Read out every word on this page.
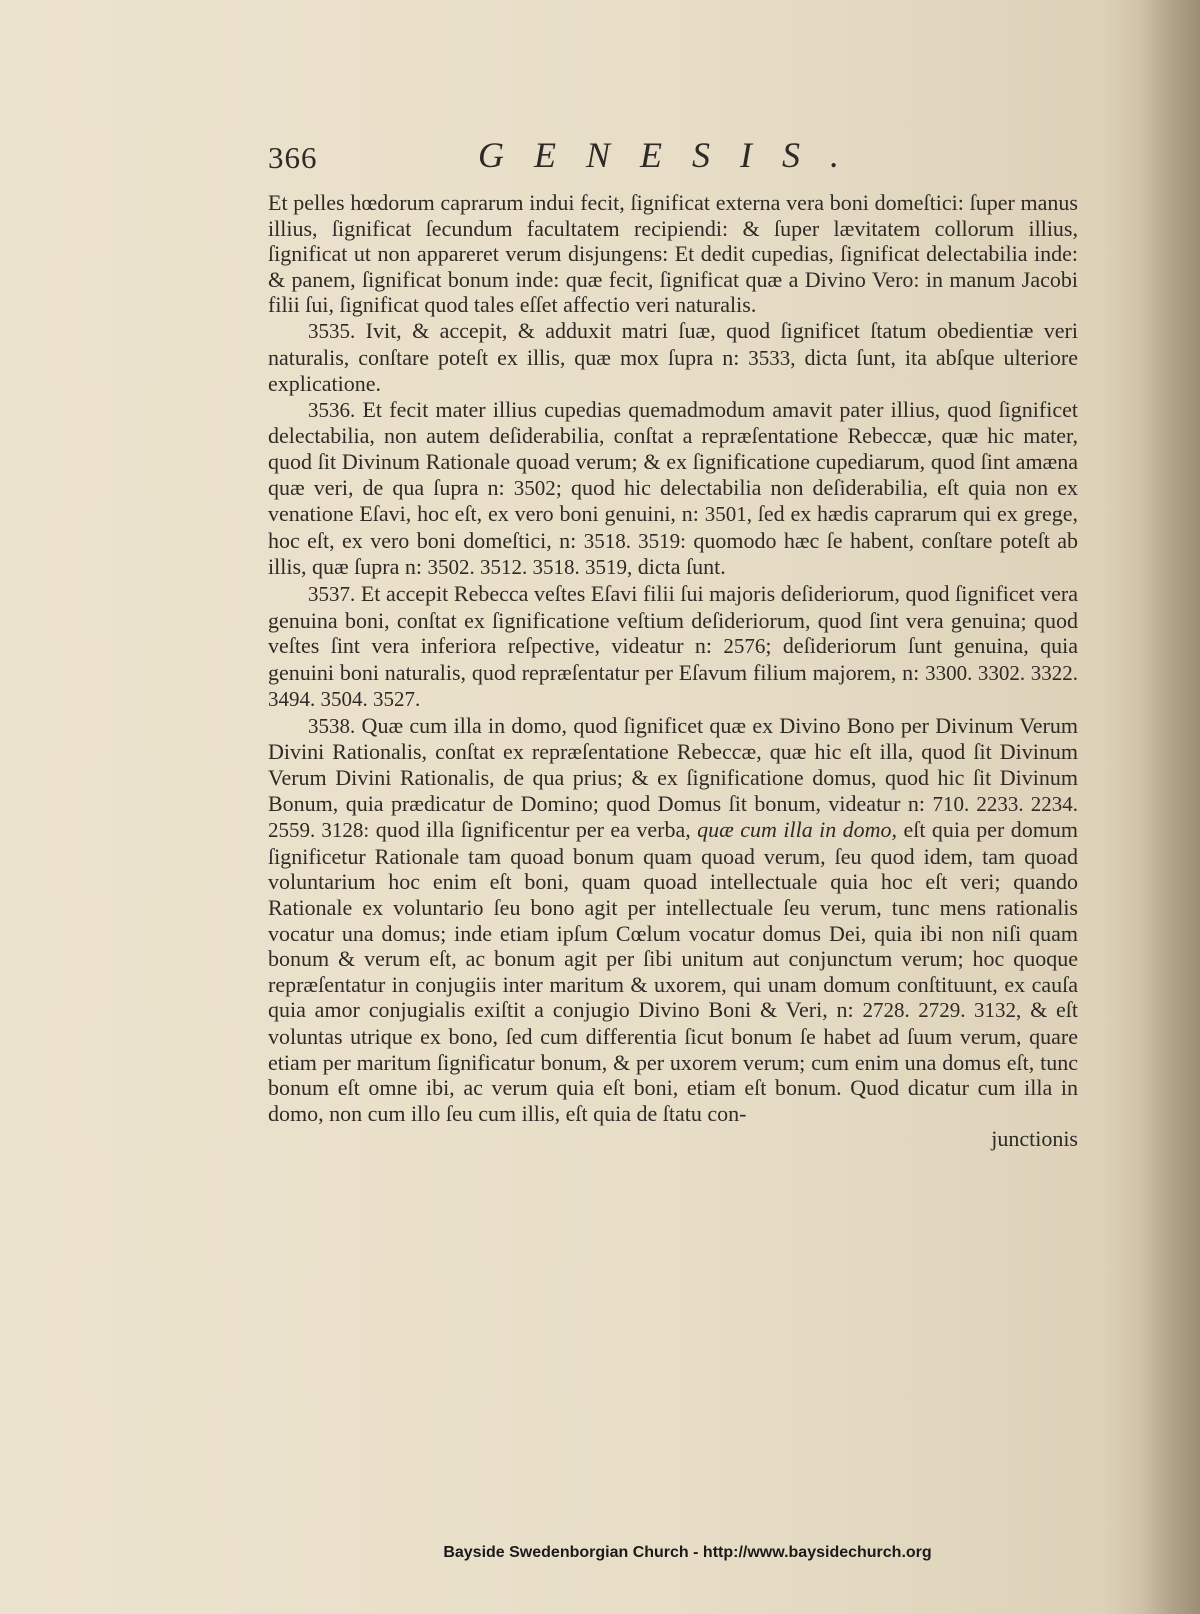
366	GENESIS.

Et pelles hœdorum caprarum indui fecit, ſignificat externa vera boni domeſtici: ſuper manus illius, ſignificat ſecundum facultatem recipiendi: & ſuper lævitatem collorum illius, ſignificat ut non appareret verum disjungens: Et dedit cupedias, ſignificat delectabilia inde: & panem, ſignificat bonum inde: quæ fecit, ſignificat quæ a Divino Vero: in manum Jacobi filii ſui, ſignificat quod tales eſſet affectio veri naturalis.

3535. Ivit, & accepit, & adduxit matri ſuæ, quod ſignificet ſtatum obedientiæ veri naturalis, conſtare poteſt ex illis, quæ mox ſupra n: 3533, dicta ſunt, ita abſque ulteriore explicatione.

3536. Et fecit mater illius cupedias quemadmodum amavit pater illius, quod ſignificet delectabilia, non autem deſiderabilia, conſtat a repræſentatione Rebeccæ, quæ hic mater, quod ſit Divinum Rationale quoad verum; & ex ſignificatione cupediarum, quod ſint amæna quæ veri, de qua ſupra n: 3502; quod hic delectabilia non deſiderabilia, eſt quia non ex venatione Eſavi, hoc eſt, ex vero boni genuini, n: 3501, ſed ex hædis caprarum qui ex grege, hoc eſt, ex vero boni domeſtici, n: 3518. 3519: quomodo hæc ſe habent, conſtare poteſt ab illis, quæ ſupra n: 3502. 3512. 3518. 3519, dicta ſunt.

3537. Et accepit Rebecca veſtes Eſavi filii ſui majoris deſideriorum, quod ſignificet vera genuina boni, conſtat ex ſignificatione veſtium deſideriorum, quod ſint vera genuina; quod veſtes ſint vera inferiora reſpective, videatur n: 2576; deſideriorum ſunt genuina, quia genuini boni naturalis, quod repræſentatur per Eſavum filium majorem, n: 3300. 3302. 3322. 3494. 3504. 3527.

3538. Quæ cum illa in domo, quod ſignificet quæ ex Divino Bono per Divinum Verum Divini Rationalis, conſtat ex repræſentatione Rebeccæ, quæ hic eſt illa, quod ſit Divinum Verum Divini Rationalis, de qua prius; & ex ſignificatione domus, quod hic ſit Divinum Bonum, quia prædicatur de Domino; quod Domus ſit bonum, videatur n: 710. 2233. 2234. 2559. 3128: quod illa ſignificentur per ea verba, quæ cum illa in domo, eſt quia per domum ſignificetur Rationale tam quoad bonum quam quoad verum, ſeu quod idem, tam quoad voluntarium hoc enim eſt boni, quam quoad intellectuale quia hoc eſt veri; quando Rationale ex voluntario ſeu bono agit per intellectuale ſeu verum, tunc mens rationalis vocatur una domus; inde etiam ipſum Cœlum vocatur domus Dei, quia ibi non niſi quam bonum & verum eſt, ac bonum agit per ſibi unitum aut conjunctum verum; hoc quoque repræſentatur in conjugiis inter maritum & uxorem, qui unam domum conſtituunt, ex cauſa quia amor conjugialis exiſtit a conjugio Divino Boni & Veri, n: 2728. 2729. 3132, & eſt voluntas utrique ex bono, ſed cum differentia ſicut bonum ſe habet ad ſuum verum, quare etiam per maritum ſignificatur bonum, & per uxorem verum; cum enim una domus eſt, tunc bonum eſt omne ibi, ac verum quia eſt boni, etiam eſt bonum. Quod dicatur cum illa in domo, non cum illo ſeu cum illis, eſt quia de ſtatu con-

junctionis

Bayside Swedenborgian Church - http://www.baysidechurch.org
